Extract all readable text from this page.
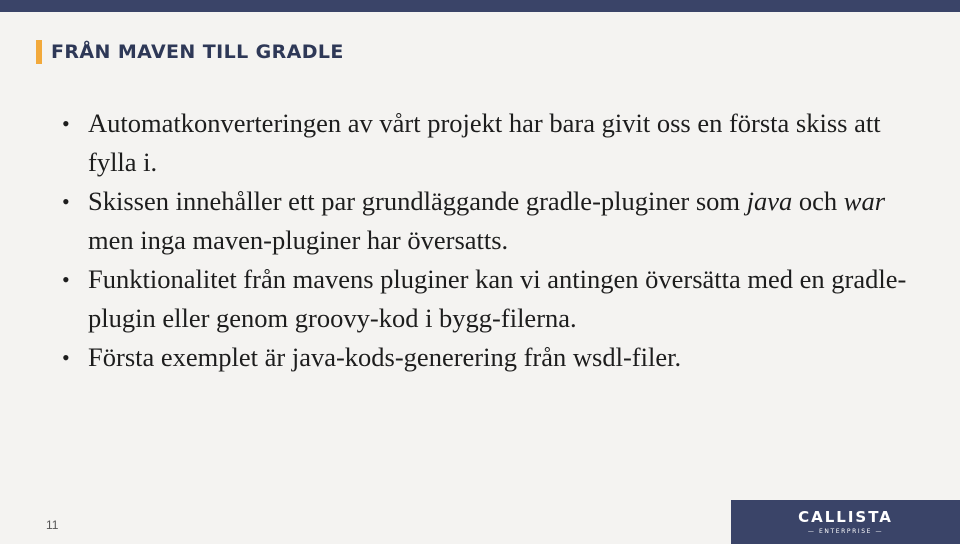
FRÅN MAVEN TILL GRADLE
• Automatkonverteringen av vårt projekt har bara givit oss en första skiss att fylla i.
• Skissen innehåller ett par grundläggande gradle-pluginer som java och war men inga maven-pluginer har översatts.
• Funktionalitet från mavens pluginer kan vi antingen översätta med en gradle-plugin eller genom groovy-kod i bygg-filerna.
• Första exemplet är java-kods-generering från wsdl-filer.
11	CALLISTA
— ENTERPRISE —
